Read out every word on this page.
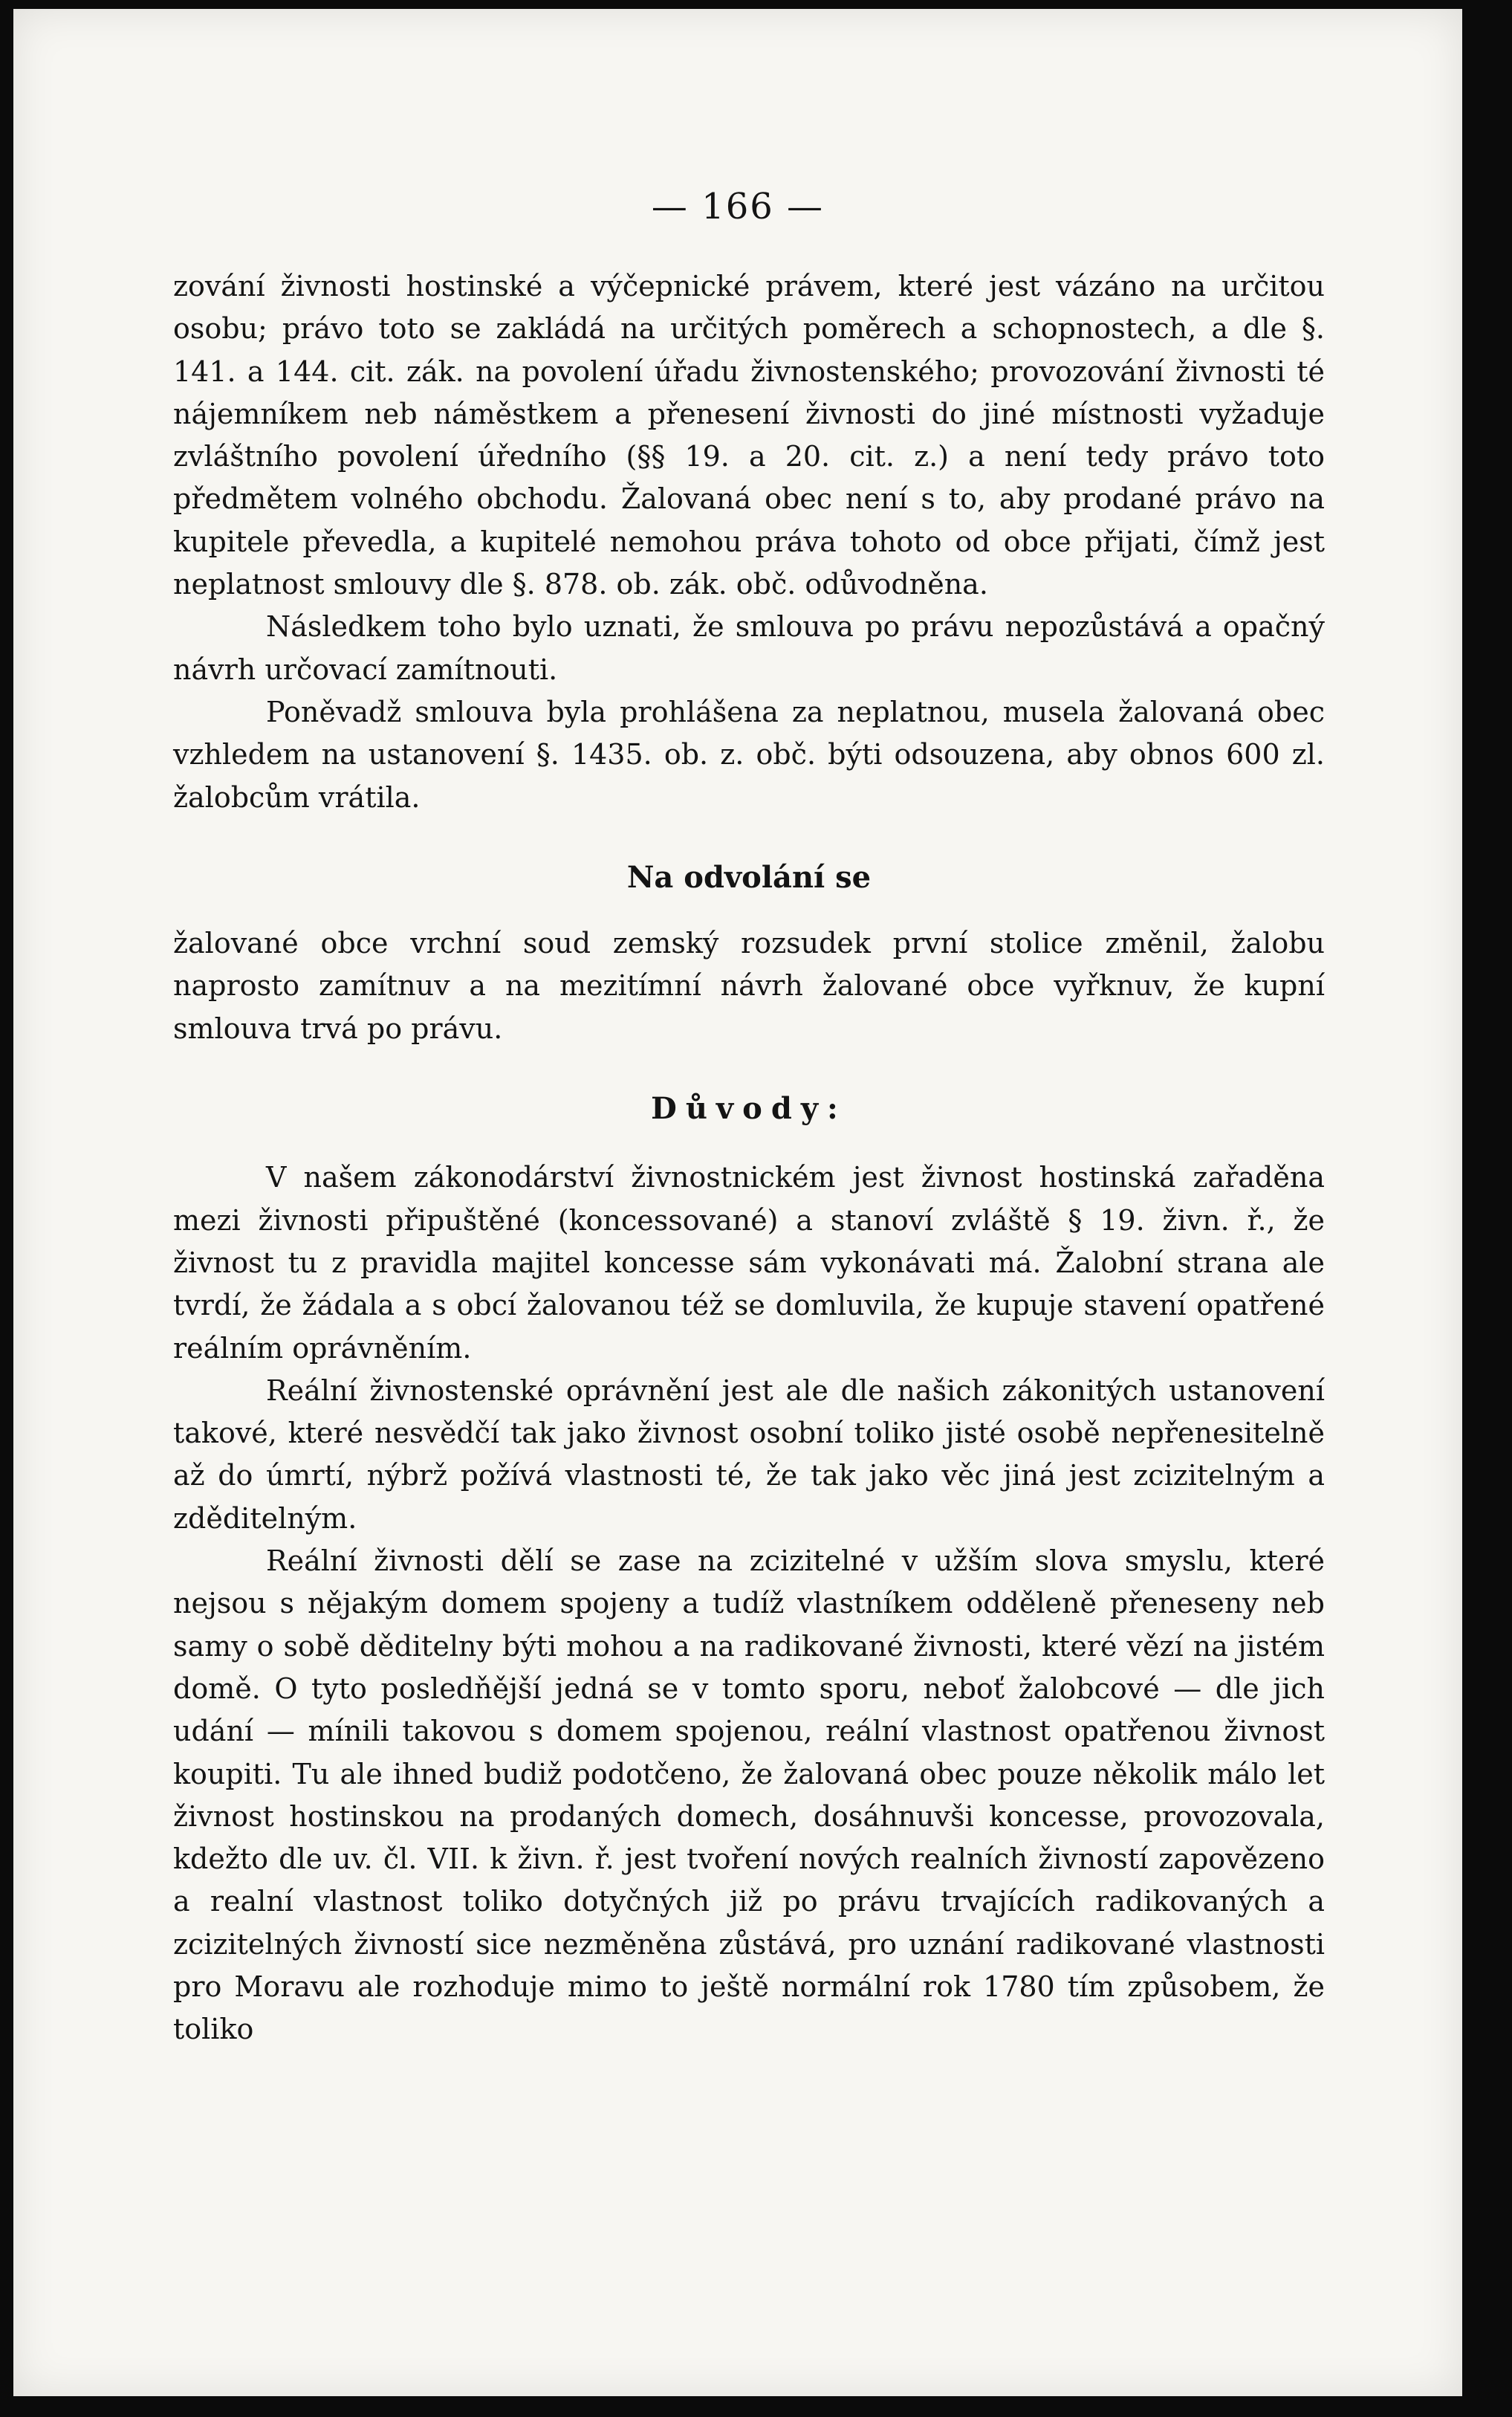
— 166 —

zování živnosti hostinské a výčepnické právem, které jest vázáno na určitou osobu; právo toto se zakládá na určitých poměrech a schopnostech, a dle §. 141. a 144. cit. zák. na povolení úřadu živnostenského; provozování živnosti té nájemníkem neb náměstkem a přenesení živnosti do jiné místnosti vyžaduje zvláštního povolení úředního (§§ 19. a 20. cit. z.) a není tedy právo toto předmětem volného obchodu. Žalovaná obec není s to, aby prodané právo na kupitele převedla, a kupitelé nemohou práva tohoto od obce přijati, čímž jest neplatnost smlouvy dle §. 878. ob. zák. obč. odůvodněna.

Následkem toho bylo uznati, že smlouva po právu nepozůstává a opačný návrh určovací zamítnouti.

Poněvadž smlouva byla prohlášena za neplatnou, musela žalovaná obec vzhledem na ustanovení §. 1435. ob. z. obč. býti odsouzena, aby obnos 600 zl. žalobcům vrátila.

Na odvolání se

žalované obce vrchní soud zemský rozsudek první stolice změnil, žalobu naprosto zamítnuv a na mezitímní návrh žalované obce vyřknuv, že kupní smlouva trvá po právu.

Důvody:

V našem zákonodárství živnostnickém jest živnost hostinská zařaděna mezi živnosti připuštěné (koncessované) a stanoví zvláště § 19. živn. ř., že živnost tu z pravidla majitel koncesse sám vykonávati má. Žalobní strana ale tvrdí, že žádala a s obcí žalovanou též se domluvila, že kupuje stavení opatřené reálním oprávněním.

Reální živnostenské oprávnění jest ale dle našich zákonitých ustanovení takové, které nesvědčí tak jako živnost osobní toliko jisté osobě nepřenesitelně až do úmrtí, nýbrž požívá vlastnosti té, že tak jako věc jiná jest zcizitelným a zděditelným.

Reální živnosti dělí se zase na zcizitelné v užším slova smyslu, které nejsou s nějakým domem spojeny a tudíž vlastníkem odděleně přeneseny neb samy o sobě děditelny býti mohou a na radikované živnosti, které vězí na jistém domě. O tyto posledňější jedná se v tomto sporu, neboť žalobcové — dle jich udání — mínili takovou s domem spojenou, reální vlastnost opatřenou živnost koupiti. Tu ale ihned budiž podotčeno, že žalovaná obec pouze několik málo let živnost hostinskou na prodaných domech, dosáhnuvši koncesse, provozovala, kdežto dle uv. čl. VII. k živn. ř. jest tvoření nových realních živností zapovězeno a realní vlastnost toliko dotyčných již po právu trvajících radikovaných a zcizitelných živností sice nezměněna zůstává, pro uznání radikované vlastnosti pro Moravu ale rozhoduje mimo to ještě normální rok 1780 tím způsobem, že toliko
